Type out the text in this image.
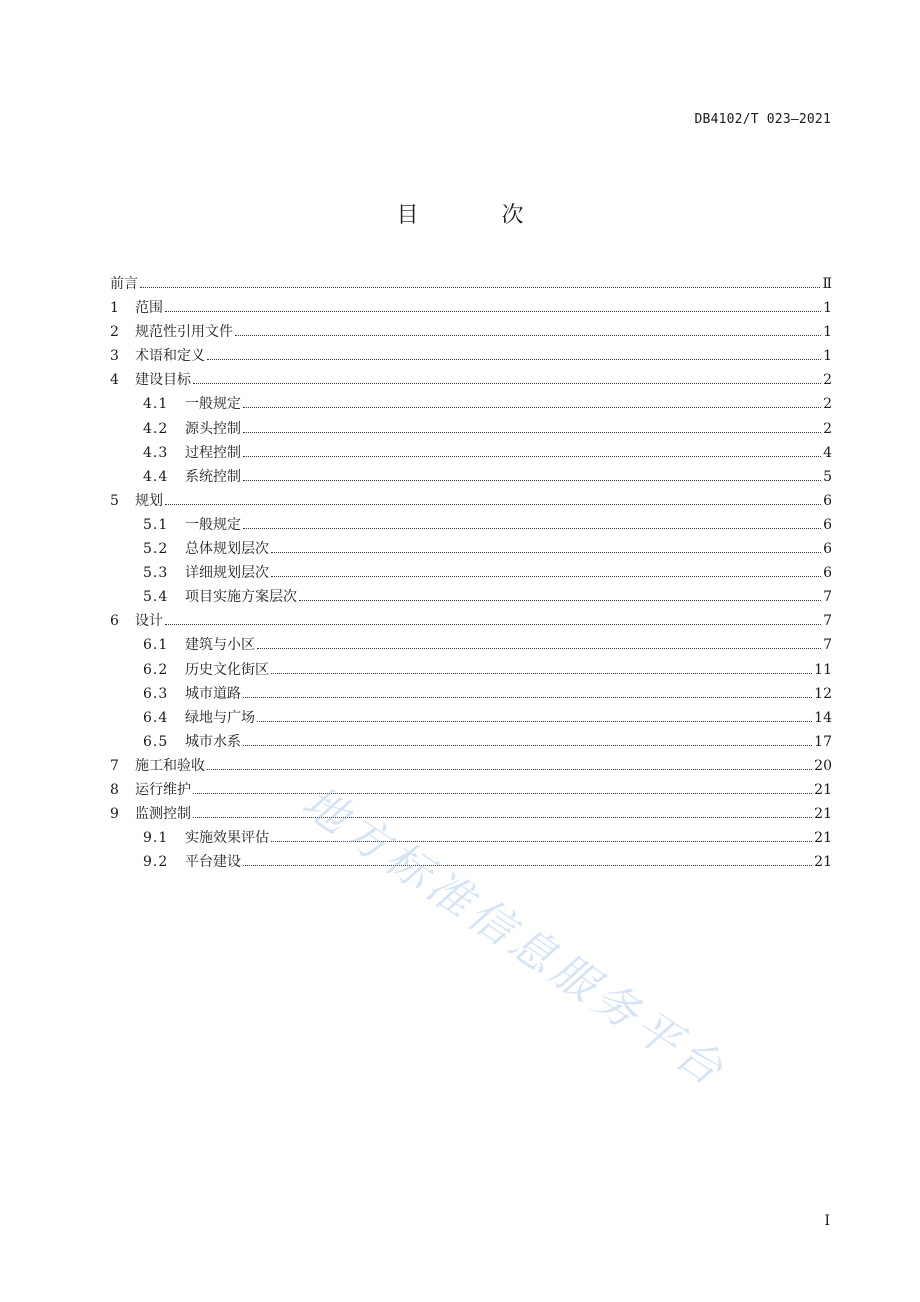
DB4102/T 023—2021
目 次
前言	Ⅱ
1	范围	1
2	规范性引用文件	1
3	术语和定义	1
4	建设目标	2
4.1	一般规定	2
4.2	源头控制	2
4.3	过程控制	4
4.4	系统控制	5
5	规划	6
5.1	一般规定	6
5.2	总体规划层次	6
5.3	详细规划层次	6
5.4	项目实施方案层次	7
6	设计	7
6.1	建筑与小区	7
6.2	历史文化街区	11
6.3	城市道路	12
6.4	绿地与广场	14
6.5	城市水系	17
7	施工和验收	20
8	运行维护	21
9	监测控制	21
9.1	实施效果评估	21
9.2	平台建设	21
I
地方标准信息服务平台
